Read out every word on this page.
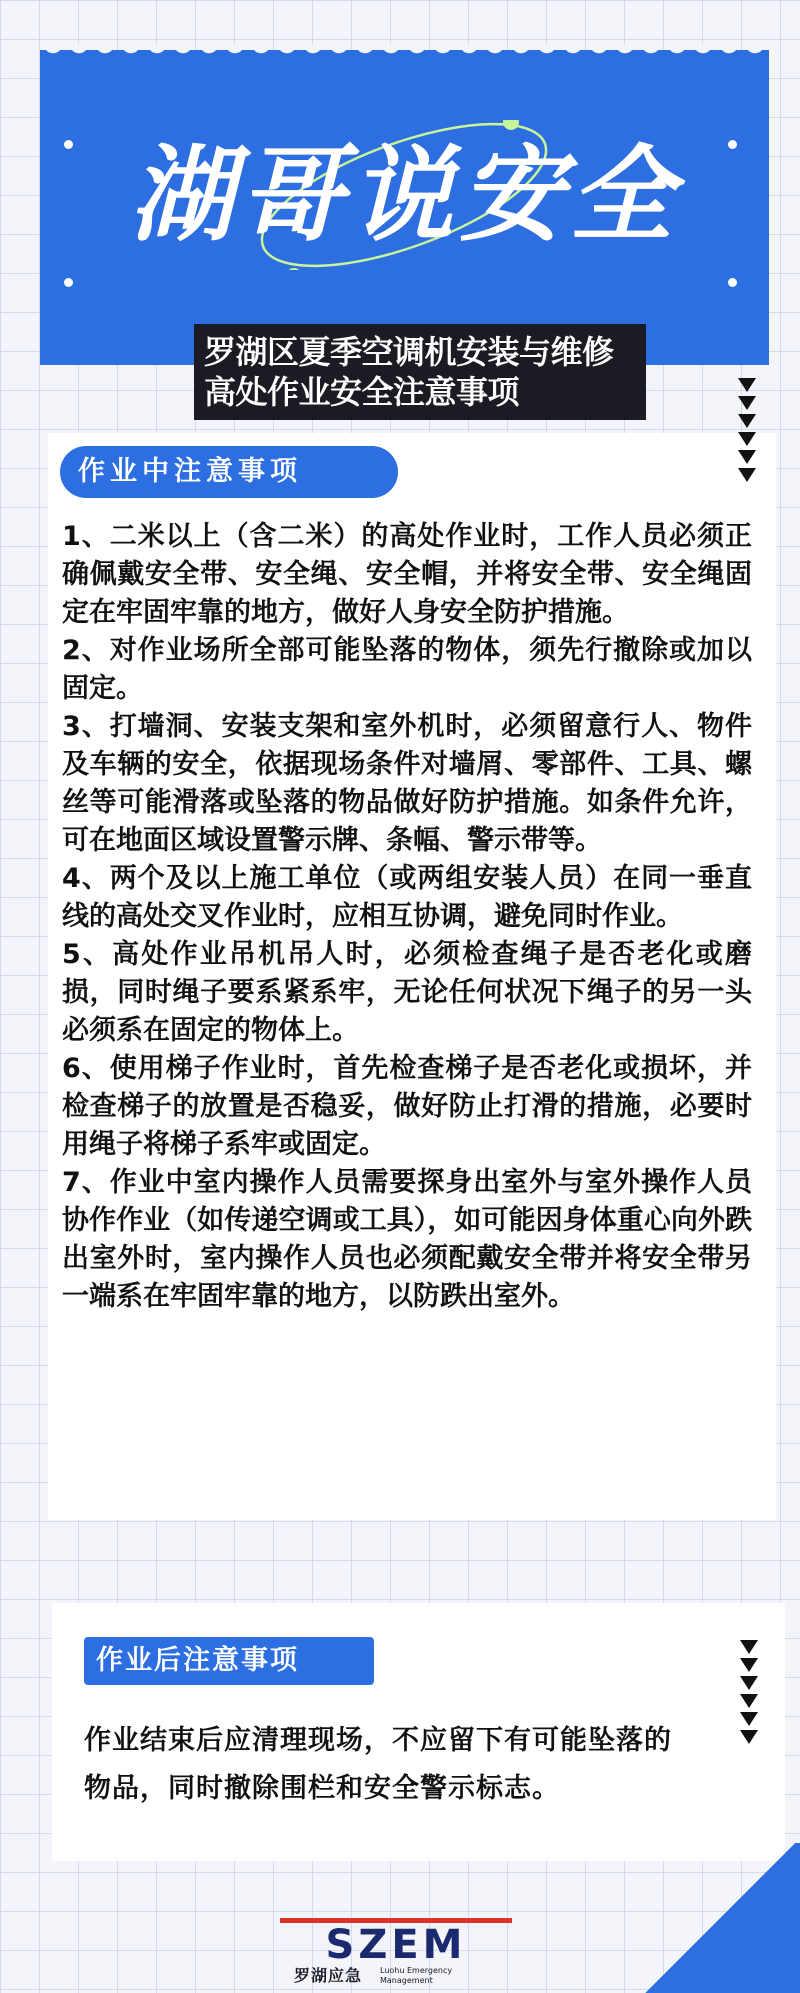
湖哥说安全
罗湖区夏季空调机安装与维修高处作业安全注意事项
作业中注意事项
1、二米以上（含二米）的高处作业时，工作人员必须正确佩戴安全带、安全绳、安全帽，并将安全带、安全绳固定在牢固牢靠的地方，做好人身安全防护措施。
2、对作业场所全部可能坠落的物体，须先行撤除或加以固定。
3、打墙洞、安装支架和室外机时，必须留意行人、物件及车辆的安全，依据现场条件对墙屑、零部件、工具、螺丝等可能滑落或坠落的物品做好防护措施。如条件允许，可在地面区域设置警示牌、条幅、警示带等。
4、两个及以上施工单位（或两组安装人员）在同一垂直线的高处交叉作业时，应相互协调，避免同时作业。
5、高处作业吊机吊人时，必须检查绳子是否老化或磨损，同时绳子要系紧系牢，无论任何状况下绳子的另一头必须系在固定的物体上。
6、使用梯子作业时，首先检查梯子是否老化或损坏，并检查梯子的放置是否稳妥，做好防止打滑的措施，必要时用绳子将梯子系牢或固定。
7、作业中室内操作人员需要探身出室外与室外操作人员协作作业（如传递空调或工具），如可能因身体重心向外跌出室外时，室内操作人员也必须配戴安全带并将安全带另一端系在牢固牢靠的地方，以防跌出室外。
作业后注意事项
作业结束后应清理现场，不应留下有可能坠落的物品，同时撤除围栏和安全警示标志。
SZEM
罗湖应急 Luohu Emergency Management
